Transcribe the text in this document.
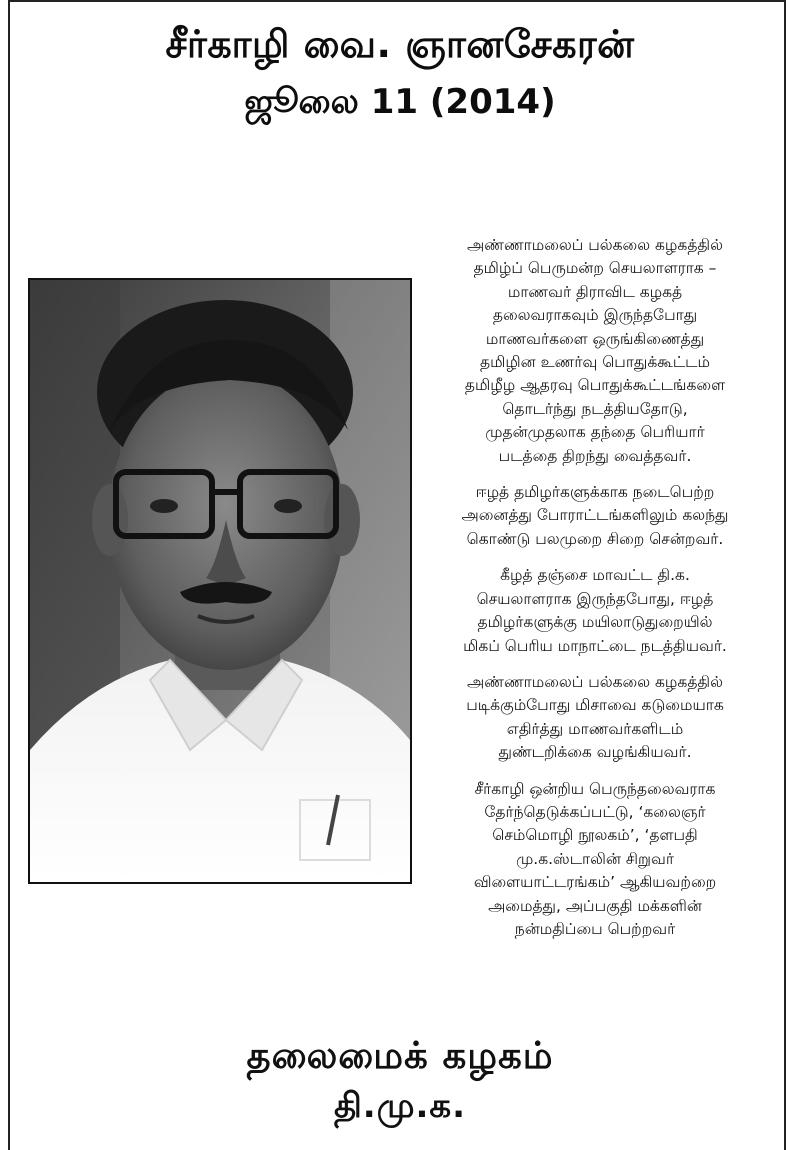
சீர்காழி வை. ஞானசேகரன்
ஜூலை 11 (2014)

அண்ணாமலைப் பல்கலை கழகத்தில்
தமிழ்ப் பெருமன்ற செயலாளராக –
மாணவர் திராவிட கழகத்
தலைவராகவும் இருந்தபோது
மாணவர்களை ஒருங்கிணைத்து
தமிழின உணர்வு பொதுக்கூட்டம்
தமிழீழ ஆதரவு பொதுக்கூட்டங்களை
தொடர்ந்து நடத்தியதோடு,
முதன்முதலாக தந்தை பெரியார்
படத்தை திறந்து வைத்தவர்.

ஈழத் தமிழர்களுக்காக நடைபெற்ற
அனைத்து போராட்டங்களிலும் கலந்து
கொண்டு பலமுறை சிறை சென்றவர்.

கீழத் தஞ்சை மாவட்ட தி.க.
செயலாளராக இருந்தபோது, ஈழத்
தமிழர்களுக்கு மயிலாடுதுறையில்
மிகப் பெரிய மாநாட்டை நடத்தியவர்.

அண்ணாமலைப் பல்கலை கழகத்தில்
படிக்கும்போது மிசாவை கடுமையாக
எதிர்த்து மாணவர்களிடம்
துண்டறிக்கை வழங்கியவர்.

சீர்காழி ஒன்றிய பெருந்தலைவராக
தேர்ந்தெடுக்கப்பட்டு, ‘கலைஞர்
செம்மொழி நூலகம்’, ‘தளபதி
மு.க.ஸ்டாலின் சிறுவர்
விளையாட்டரங்கம்’ ஆகியவற்றை
அமைத்து, அப்பகுதி மக்களின்
நன்மதிப்பை பெற்றவர்

தலைமைக் கழகம்
தி.மு.க.
